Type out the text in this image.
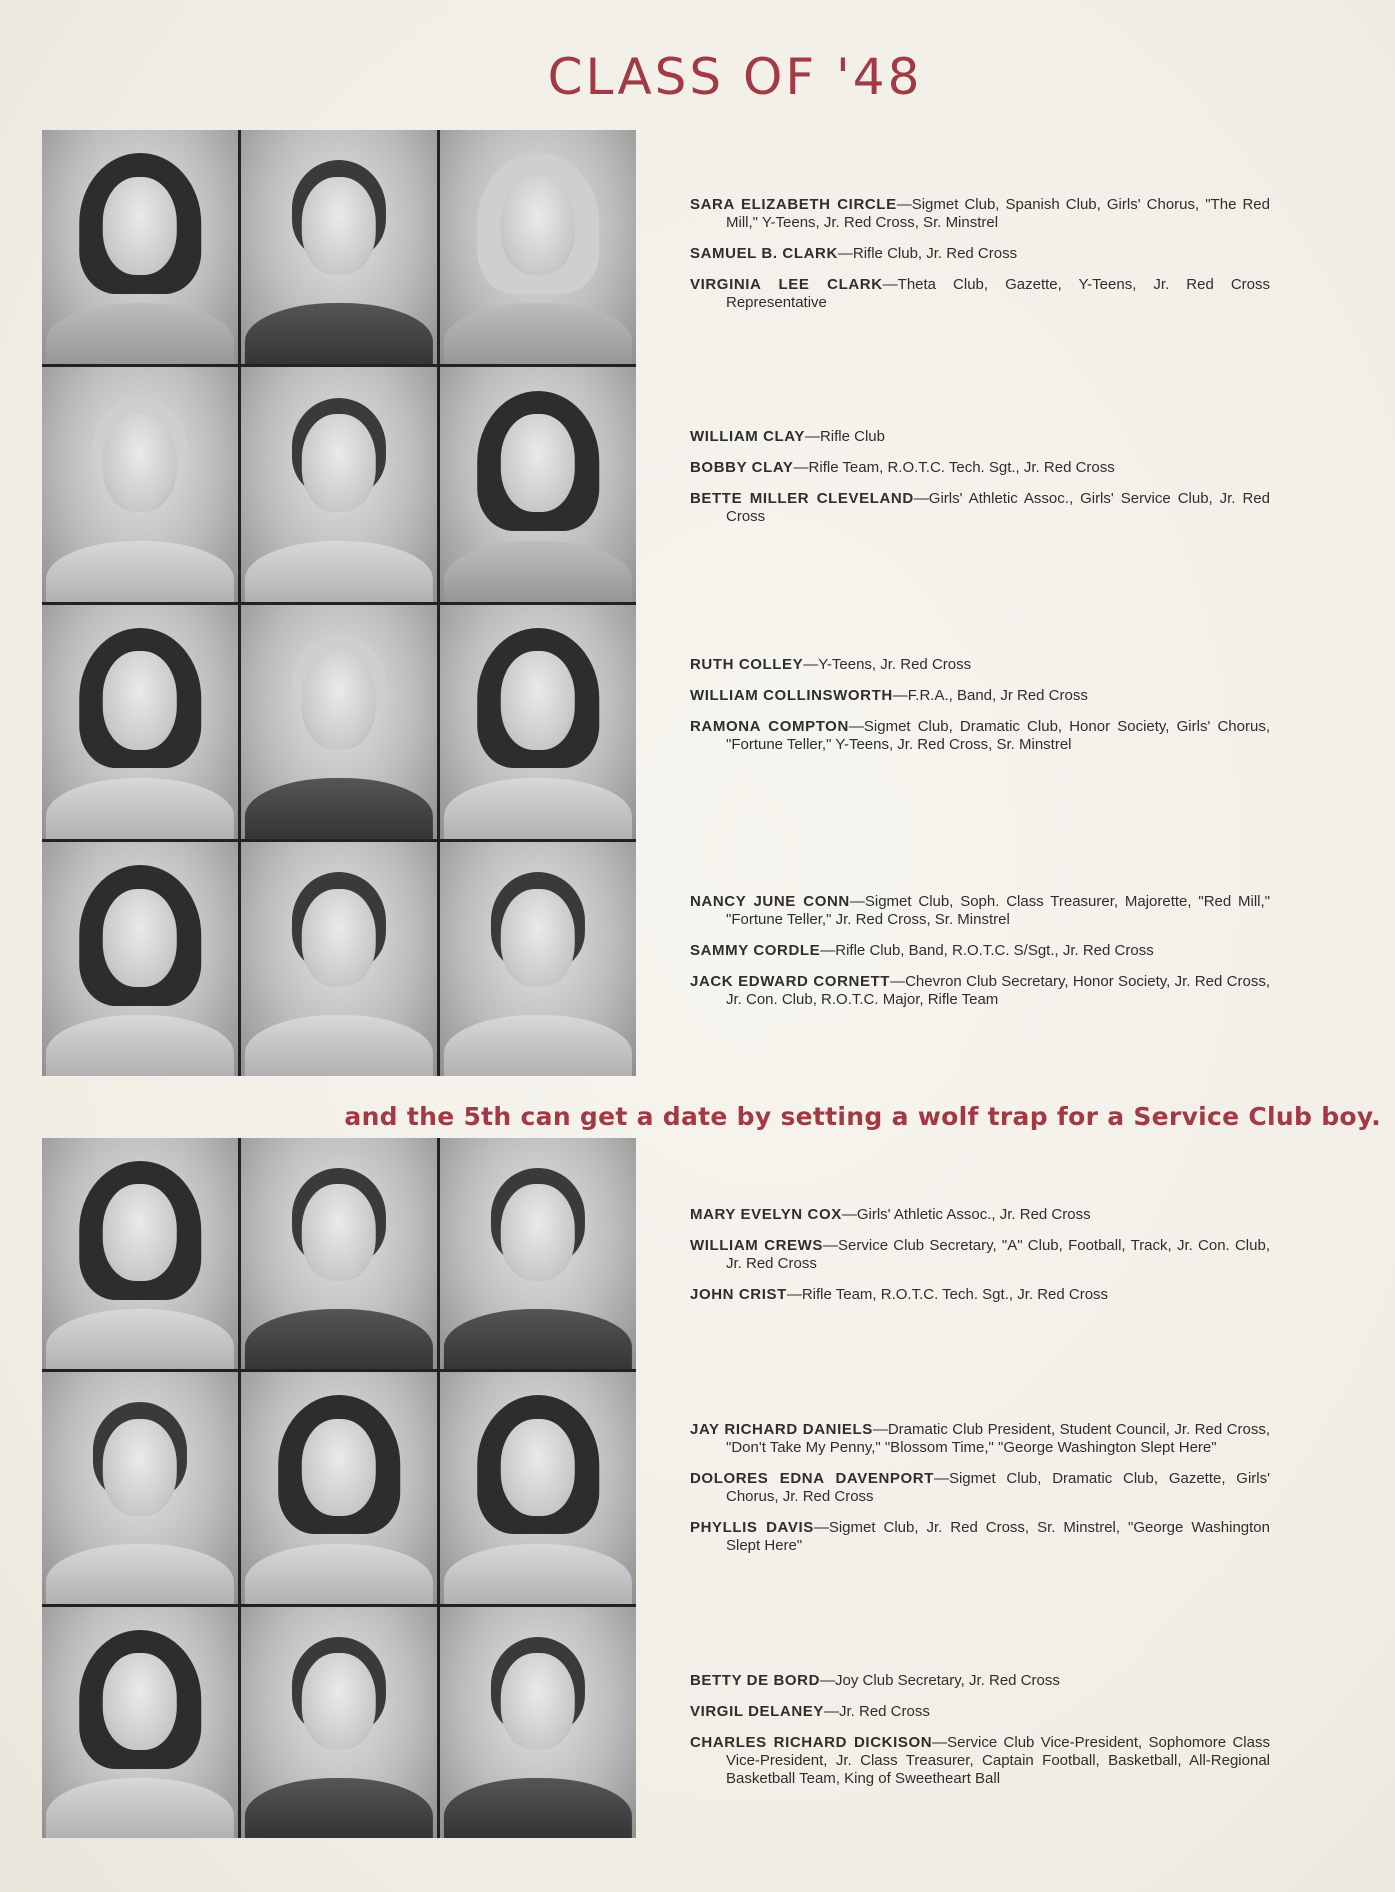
CLASS OF '48
and the 5th can get a date by setting a wolf trap for a Service Club boy.
SARA ELIZABETH CIRCLE—Sigmet Club, Spanish Club, Girls' Chorus, "The Red Mill," Y-Teens, Jr. Red Cross, Sr. Minstrel
SAMUEL B. CLARK—Rifle Club, Jr. Red Cross
VIRGINIA LEE CLARK—Theta Club, Gazette, Y-Teens, Jr. Red Cross Representative
WILLIAM CLAY—Rifle Club
BOBBY CLAY—Rifle Team, R.O.T.C. Tech. Sgt., Jr. Red Cross
BETTE MILLER CLEVELAND—Girls' Athletic Assoc., Girls' Service Club, Jr. Red Cross
RUTH COLLEY—Y-Teens, Jr. Red Cross
WILLIAM COLLINSWORTH—F.R.A., Band, Jr Red Cross
RAMONA COMPTON—Sigmet Club, Dramatic Club, Honor Society, Girls' Chorus, "Fortune Teller," Y-Teens, Jr. Red Cross, Sr. Minstrel
NANCY JUNE CONN—Sigmet Club, Soph. Class Treasurer, Majorette, "Red Mill," "Fortune Teller," Jr. Red Cross, Sr. Minstrel
SAMMY CORDLE—Rifle Club, Band, R.O.T.C. S/Sgt., Jr. Red Cross
JACK EDWARD CORNETT—Chevron Club Secretary, Honor Society, Jr. Red Cross, Jr. Con. Club, R.O.T.C. Major, Rifle Team
MARY EVELYN COX—Girls' Athletic Assoc., Jr. Red Cross
WILLIAM CREWS—Service Club Secretary, "A" Club, Football, Track, Jr. Con. Club, Jr. Red Cross
JOHN CRIST—Rifle Team, R.O.T.C. Tech. Sgt., Jr. Red Cross
JAY RICHARD DANIELS—Dramatic Club President, Student Council, Jr. Red Cross, "Don't Take My Penny," "Blossom Time," "George Washington Slept Here"
DOLORES EDNA DAVENPORT—Sigmet Club, Dramatic Club, Gazette, Girls' Chorus, Jr. Red Cross
PHYLLIS DAVIS—Sigmet Club, Jr. Red Cross, Sr. Minstrel, "George Washington Slept Here"
BETTY DE BORD—Joy Club Secretary, Jr. Red Cross
VIRGIL DELANEY—Jr. Red Cross
CHARLES RICHARD DICKISON—Service Club Vice-President, Sophomore Class Vice-President, Jr. Class Treasurer, Captain Football, Basketball, All-Regional Basketball Team, King of Sweetheart Ball
